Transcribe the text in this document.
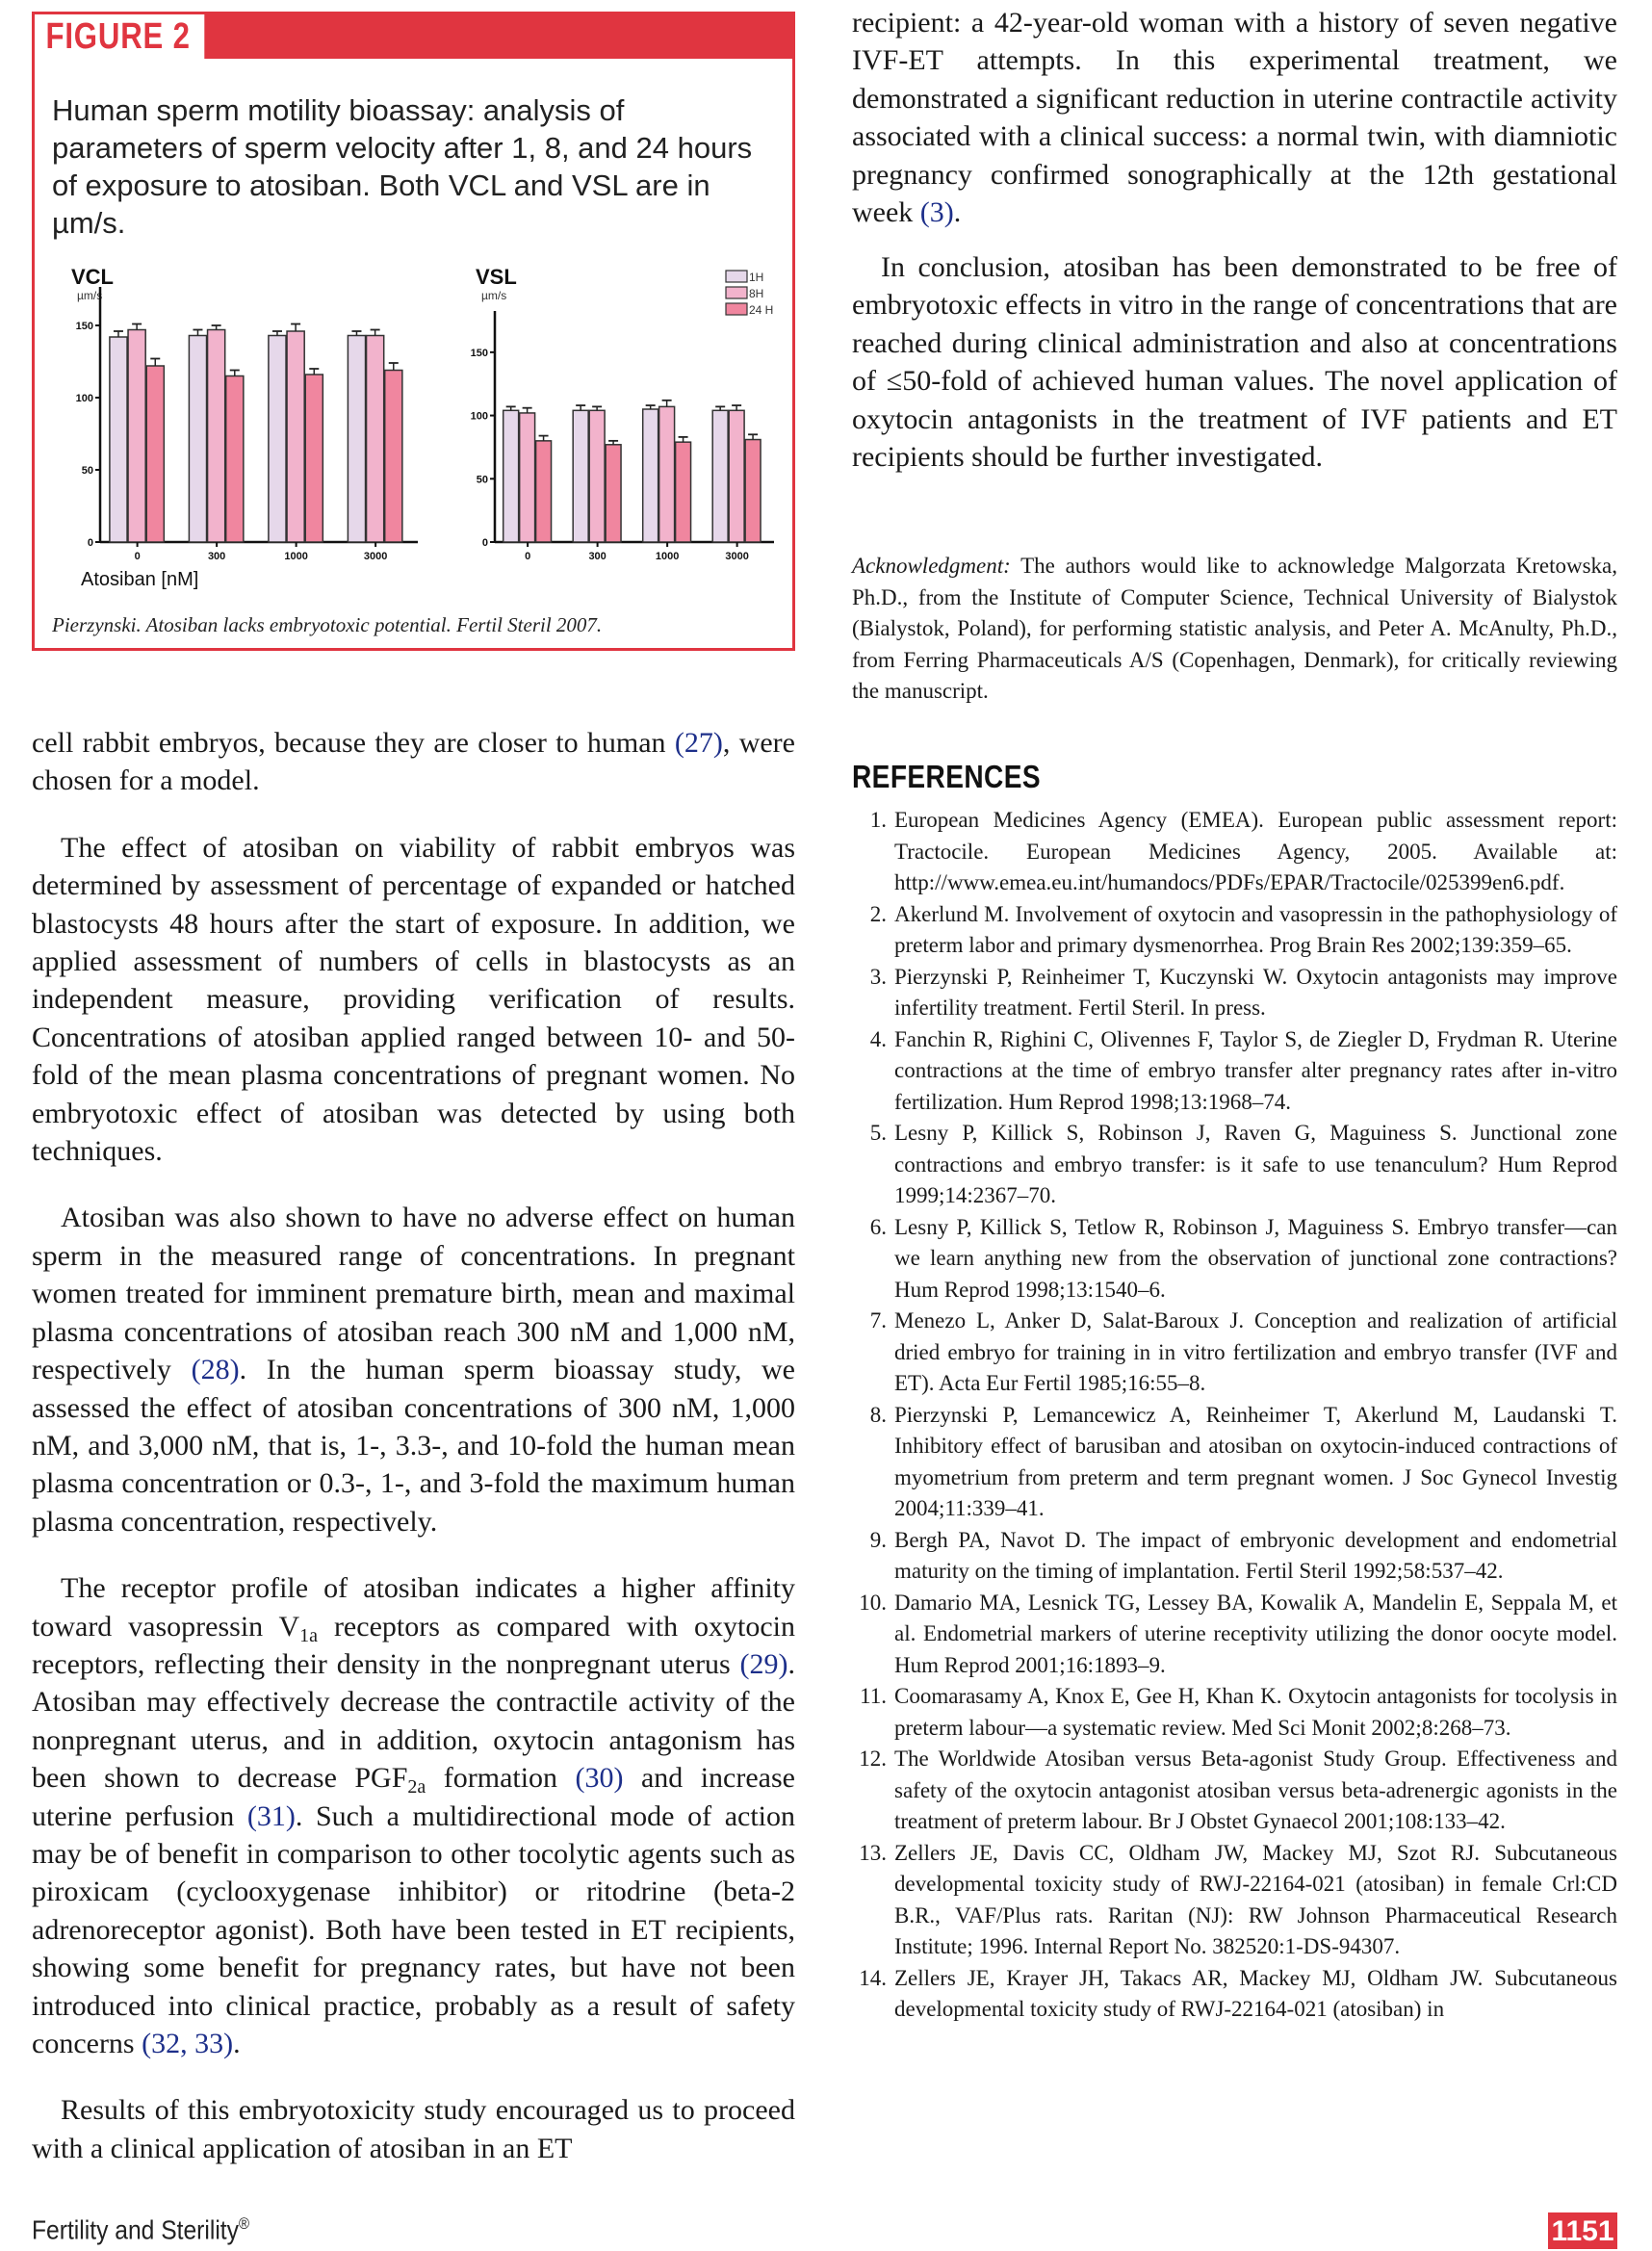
FIGURE 2
Human sperm motility bioassay: analysis of parameters of sperm velocity after 1, 8, and 24 hours of exposure to atosiban. Both VCL and VSL are in µm/s.
VCL
µm/s
0
50
100
150
0	300	1000	3000
Atosiban [nM]
VSL
µm/s
0
50
100
150
0	300	1000	3000
1H
8H
24 H
Pierzynski. Atosiban lacks embryotoxic potential. Fertil Steril 2007.

cell rabbit embryos, because they are closer to human (27), were chosen for a model.

The effect of atosiban on viability of rabbit embryos was determined by assessment of percentage of expanded or hatched blastocysts 48 hours after the start of exposure. In addition, we applied assessment of numbers of cells in blastocysts as an independent measure, providing verification of results. Concentrations of atosiban applied ranged between 10- and 50-fold of the mean plasma concentrations of pregnant women. No embryotoxic effect of atosiban was detected by using both techniques.

Atosiban was also shown to have no adverse effect on human sperm in the measured range of concentrations. In pregnant women treated for imminent premature birth, mean and maximal plasma concentrations of atosiban reach 300 nM and 1,000 nM, respectively (28). In the human sperm bioassay study, we assessed the effect of atosiban concentrations of 300 nM, 1,000 nM, and 3,000 nM, that is, 1-, 3.3-, and 10-fold the human mean plasma concentration or 0.3-, 1-, and 3-fold the maximum human plasma concentration, respectively.

The receptor profile of atosiban indicates a higher affinity toward vasopressin $V_{1a}$ receptors as compared with oxytocin receptors, reflecting their density in the nonpregnant uterus (29). Atosiban may effectively decrease the contractile activity of the nonpregnant uterus, and in addition, oxytocin antagonism has been shown to decrease $PGF_{2a}$ formation (30) and increase uterine perfusion (31). Such a multidirectional mode of action may be of benefit in comparison to other tocolytic agents such as piroxicam (cyclooxygenase inhibitor) or ritodrine (beta-2 adrenoreceptor agonist). Both have been tested in ET recipients, showing some benefit for pregnancy rates, but have not been introduced into clinical practice, probably as a result of safety concerns (32, 33).

Results of this embryotoxicity study encouraged us to proceed with a clinical application of atosiban in an ET

recipient: a 42-year-old woman with a history of seven negative IVF-ET attempts. In this experimental treatment, we demonstrated a significant reduction in uterine contractile activity associated with a clinical success: a normal twin, with diamniotic pregnancy confirmed sonographically at the 12th gestational week (3).

In conclusion, atosiban has been demonstrated to be free of embryotoxic effects in vitro in the range of concentrations that are reached during clinical administration and also at concentrations of ≤50-fold of achieved human values. The novel application of oxytocin antagonists in the treatment of IVF patients and ET recipients should be further investigated.

Acknowledgment: The authors would like to acknowledge Malgorzata Kretowska, Ph.D., from the Institute of Computer Science, Technical University of Bialystok (Bialystok, Poland), for performing statistic analysis, and Peter A. McAnulty, Ph.D., from Ferring Pharmaceuticals A/S (Copenhagen, Denmark), for critically reviewing the manuscript.

REFERENCES
1. European Medicines Agency (EMEA). European public assessment report: Tractocile. European Medicines Agency, 2005. Available at: http://www.emea.eu.int/humandocs/PDFs/EPAR/Tractocile/025399en6.pdf.
2. Akerlund M. Involvement of oxytocin and vasopressin in the pathophysiology of preterm labor and primary dysmenorrhea. Prog Brain Res 2002;139:359–65.
3. Pierzynski P, Reinheimer T, Kuczynski W. Oxytocin antagonists may improve infertility treatment. Fertil Steril. In press.
4. Fanchin R, Righini C, Olivennes F, Taylor S, de Ziegler D, Frydman R. Uterine contractions at the time of embryo transfer alter pregnancy rates after in-vitro fertilization. Hum Reprod 1998;13:1968–74.
5. Lesny P, Killick S, Robinson J, Raven G, Maguiness S. Junctional zone contractions and embryo transfer: is it safe to use tenanculum? Hum Reprod 1999;14:2367–70.
6. Lesny P, Killick S, Tetlow R, Robinson J, Maguiness S. Embryo transfer—can we learn anything new from the observation of junctional zone contractions? Hum Reprod 1998;13:1540–6.
7. Menezo L, Anker D, Salat-Baroux J. Conception and realization of artificial dried embryo for training in in vitro fertilization and embryo transfer (IVF and ET). Acta Eur Fertil 1985;16:55–8.
8. Pierzynski P, Lemancewicz A, Reinheimer T, Akerlund M, Laudanski T. Inhibitory effect of barusiban and atosiban on oxytocin-induced contractions of myometrium from preterm and term pregnant women. J Soc Gynecol Investig 2004;11:339–41.
9. Bergh PA, Navot D. The impact of embryonic development and endometrial maturity on the timing of implantation. Fertil Steril 1992;58:537–42.
10. Damario MA, Lesnick TG, Lessey BA, Kowalik A, Mandelin E, Seppala M, et al. Endometrial markers of uterine receptivity utilizing the donor oocyte model. Hum Reprod 2001;16:1893–9.
11. Coomarasamy A, Knox E, Gee H, Khan K. Oxytocin antagonists for tocolysis in preterm labour—a systematic review. Med Sci Monit 2002;8:268–73.
12. The Worldwide Atosiban versus Beta-agonist Study Group. Effectiveness and safety of the oxytocin antagonist atosiban versus beta-adrenergic agonists in the treatment of preterm labour. Br J Obstet Gynaecol 2001;108:133–42.
13. Zellers JE, Davis CC, Oldham JW, Mackey MJ, Szot RJ. Subcutaneous developmental toxicity study of RWJ-22164-021 (atosiban) in female Crl:CD B.R., VAF/Plus rats. Raritan (NJ): RW Johnson Pharmaceutical Research Institute; 1996. Internal Report No. 382520:1-DS-94307.
14. Zellers JE, Krayer JH, Takacs AR, Mackey MJ, Oldham JW. Subcutaneous developmental toxicity study of RWJ-22164-021 (atosiban) in
Fertility and Sterility®	1151
